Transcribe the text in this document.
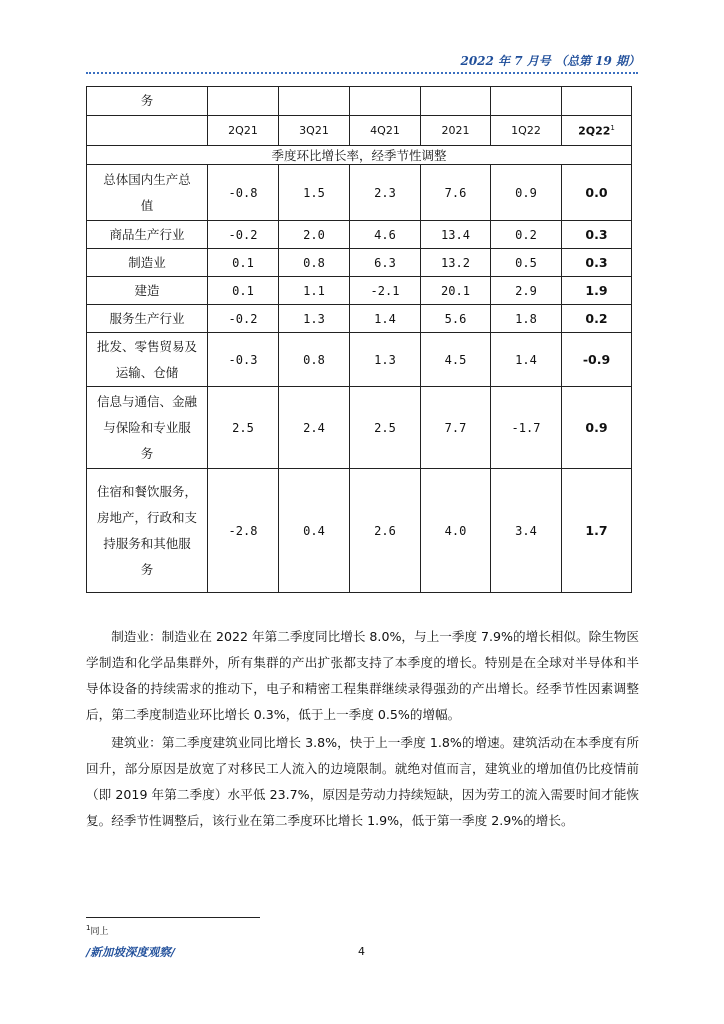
2022 年 7 月号 （总第 19 期）
务						
	2Q21	3Q21	4Q21	2021	1Q22	2Q22$^1$
季度环比增长率，经季节性调整						
总体国内生产总
值	-0.8	1.5	2.3	7.6	0.9	0.0
商品生产行业	-0.2	2.0	4.6	13.4	0.2	0.3
制造业	0.1	0.8	6.3	13.2	0.5	0.3
建造	0.1	1.1	-2.1	20.1	2.9	1.9
服务生产行业	-0.2	1.3	1.4	5.6	1.8	0.2
批发、零售贸易及
运输、仓储	-0.3	0.8	1.3	4.5	1.4	-0.9
信息与通信、金融
与保险和专业服
务	2.5	2.4	2.5	7.7	-1.7	0.9
住宿和餐饮服务，
房地产，行政和支
持服务和其他服
务	-2.8	0.4	2.6	4.0	3.4	1.7

制造业：制造业在 2022 年第二季度同比增长 8.0%，与上一季度 7.9%的增长相似。除生物医学制造和化学品集群外，所有集群的产出扩张都支持了本季度的增长。特别是在全球对半导体和半导体设备的持续需求的推动下，电子和精密工程集群继续录得强劲的产出增长。经季节性因素调整后，第二季度制造业环比增长 0.3%，低于上一季度 0.5%的增幅。

建筑业：第二季度建筑业同比增长 3.8%，快于上一季度 1.8%的增速。建筑活动在本季度有所回升，部分原因是放宽了对移民工人流入的边境限制。就绝对值而言，建筑业的增加值仍比疫情前（即 2019 年第二季度）水平低 23.7%，原因是劳动力持续短缺，因为劳工的流入需要时间才能恢复。经季节性调整后，该行业在第二季度环比增长 1.9%，低于第一季度 2.9%的增长。

$^1$同上
/新加坡深度观察/	4
